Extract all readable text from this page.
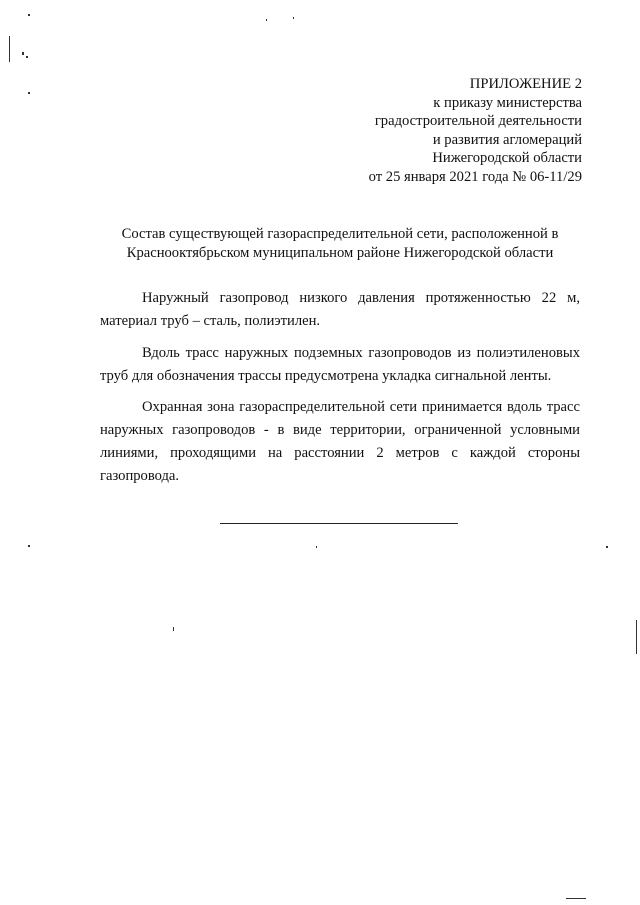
ПРИЛОЖЕНИЕ 2
к приказу министерства
градостроительной деятельности
и развития агломераций
Нижегородской области
от 25 января 2021 года № 06-11/29
Состав существующей газораспределительной сети, расположенной в
Краснооктябрьском муниципальном районе Нижегородской области

Наружный газопровод низкого давления протяженностью 22 м, материал труб – сталь, полиэтилен.

Вдоль трасс наружных подземных газопроводов из полиэтиленовых труб для обозначения трассы предусмотрена укладка сигнальной ленты.

Охранная зона газораспределительной сети принимается вдоль трасс наружных газопроводов - в виде территории, ограниченной условными линиями, проходящими на расстоянии 2 метров с каждой стороны газопровода.
